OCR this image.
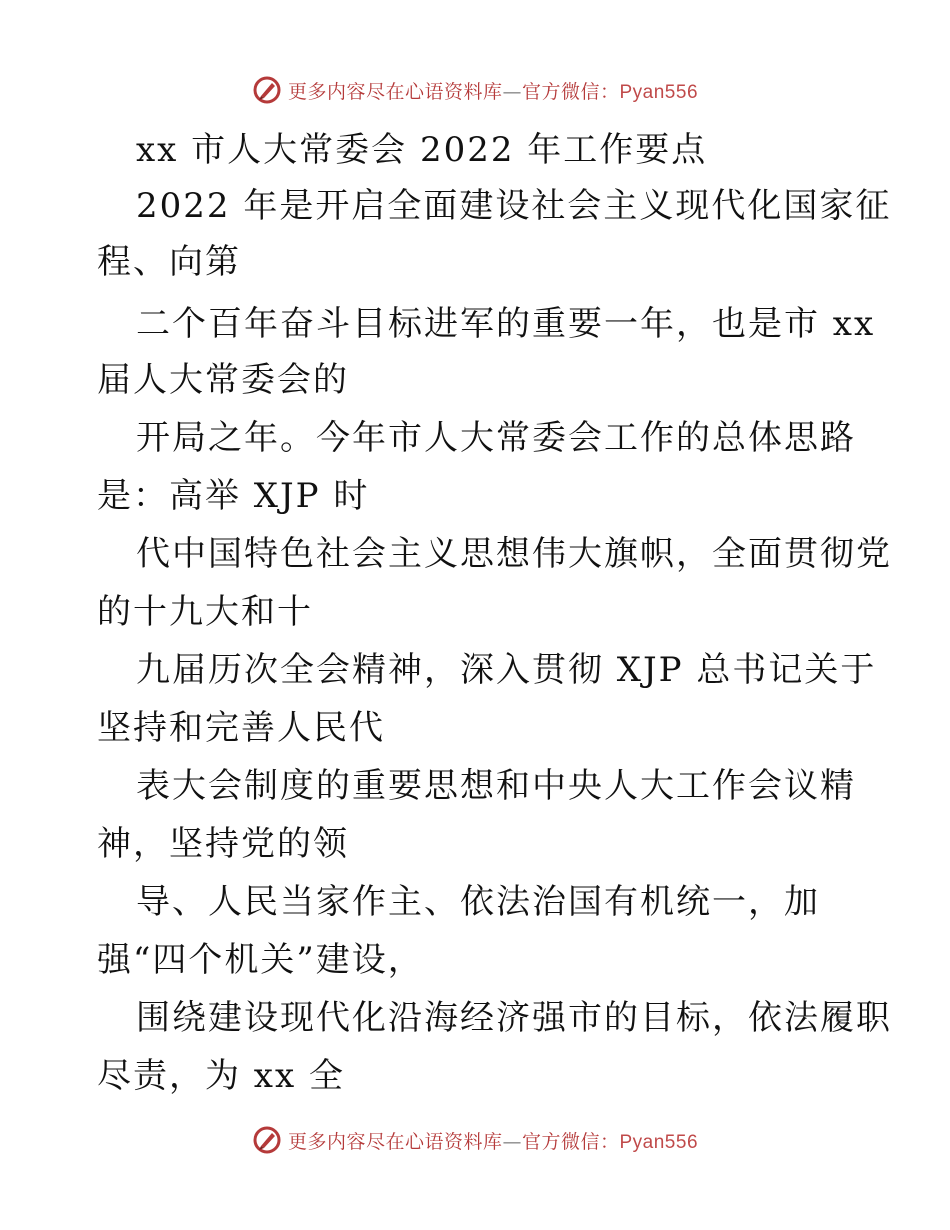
更多内容尽在心语资料库—官方微信：Pyan556
xx 市人大常委会 2022 年工作要点
2022 年是开启全面建设社会主义现代化国家征
程、向第
二个百年奋斗目标进军的重要一年，也是市 xx
届人大常委会的
开局之年。今年市人大常委会工作的总体思路
是：高举 XJP 时
代中国特色社会主义思想伟大旗帜，全面贯彻党
的十九大和十
九届历次全会精神，深入贯彻 XJP 总书记关于
坚持和完善人民代
表大会制度的重要思想和中央人大工作会议精
神，坚持党的领
导、人民当家作主、依法治国有机统一，加
强“四个机关”建设，
围绕建设现代化沿海经济强市的目标，依法履职
尽责，为 xx 全
更多内容尽在心语资料库—官方微信：Pyan556
